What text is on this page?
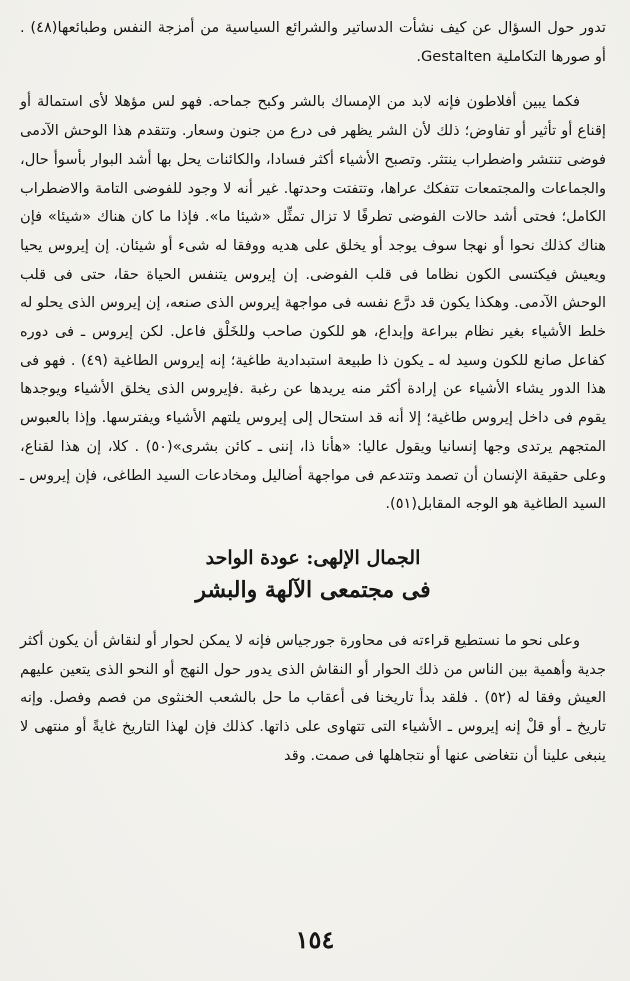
تدور حول السؤال عن كيف نشأت الدساتير والشرائع السياسية من أمزجة النفس وطبائعها(٤٨) . أو صورها التكاملية Gestalten.

فكما يبين أفلاطون فإنه لابد من الإمساك بالشر وكبح جماحه. فهو لس مؤهلا لأى استمالة أو إقناع أو تأثير أو تفاوض؛ ذلك لأن الشر يظهر فى درع من جنون وسعار. وتتقدم هذا الوحش الآدمى فوضى تنتشر واضطراب ينتثر. وتصبح الأشياء أكثر فسادا، والكائنات يحل بها أشد البوار بأسوأ حال، والجماعات والمجتمعات تتفكك عراها، وتتفتت وحدتها. غير أنه لا وجود للفوضى التامة والاضطراب الكامل؛ فحتى أشد حالات الفوضى تطرفًا لا تزال تمثِّل «شيئا ما». فإذا ما كان هناك «شيئا» فإن هناك كذلك نحوا أو نهجا سوف يوجد أو يخلق على هديه ووفقا له شىء أو شيئان. إن إيروس يحيا ويعيش فيكتسى الكون نظاما فى قلب الفوضى. إن إيروس يتنفس الحياة حقا، حتى فى قلب الوحش الآدمى. وهكذا يكون قد درَّع نفسه فى مواجهة إيروس الذى صنعه، إن إيروس الذى يحلو له خلط الأشياء بغير نظام ببراعة وإبداع، هو للكون صاحب وللخَلْق فاعل. لكن إيروس ـ فى دوره كفاعل صانع للكون وسيد له ـ يكون ذا طبيعة استبدادية طاغية؛ إنه إيروس الطاغية (٤٩) . فهو فى هذا الدور يشاء الأشياء عن إرادة أكثر منه يريدها عن رغبة .فإيروس الذى يخلق الأشياء ويوجدها يقوم فى داخل إيروس طاغية؛ إلا أنه قد استحال إلى إيروس يلتهم الأشياء ويفترسها. وإذا بالعبوس المتجهم يرتدى وجها إنسانيا ويقول عاليا: «هأنا ذا، إننى ـ كائن بشرى»(٥٠) . كلا، إن هذا لقناع، وعلى حقيقة الإنسان أن تصمد وتتدعم فى مواجهة أضاليل ومخادعات السيد الطاغى، فإن إيروس ـ السيد الطاغية هو الوجه المقابل(٥١).

الجمال الإلهى: عودة الواحد
فى مجتمعى الآلهة والبشر

وعلى نحو ما نستطيع قراءته فى محاورة جورجياس فإنه لا يمكن لحوار أو لنقاش أن يكون أكثر جدية وأهمية بين الناس من ذلك الحوار أو النقاش الذى يدور حول النهج أو النحو الذى يتعين عليهم العيش وفقا له (٥٢) . فلقد بدأ تاريخنا فى أعقاب ما حل بالشعب الخنثوى من فصم وفصل. وإنه تاريخ ـ أو قلْ إنه إيروس ـ الأشياء التى تتهاوى على ذاتها. كذلك فإن لهذا التاريخ غايةً أو منتهى لا ينبغى علينا أن نتغاضى عنها أو نتجاهلها فى صمت. وقد

١٥٤
